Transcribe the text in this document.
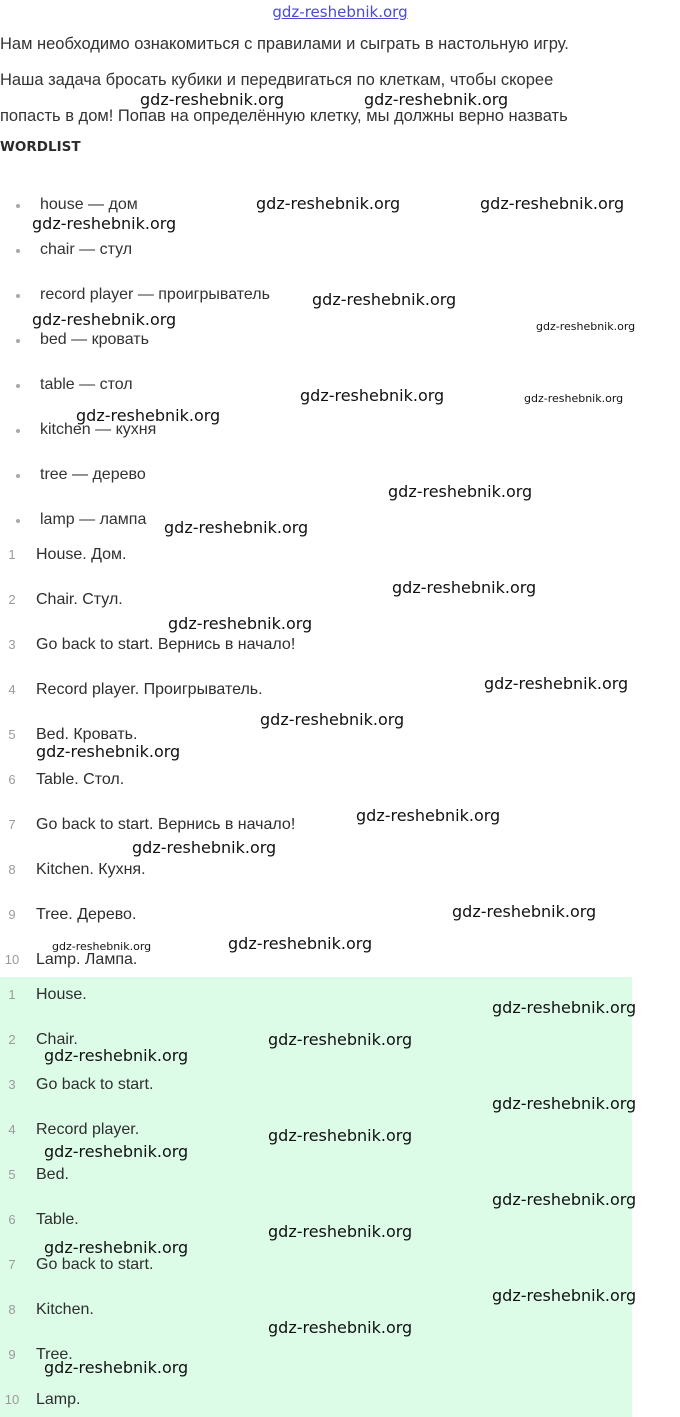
gdz-reshebnik.org

Нам необходимо ознакомиться с правилами и сыграть в настольную игру.

Наша задача бросать кубики и передвигаться по клеткам, чтобы скорее
попасть в дом! Попав на определённую клетку, мы должны верно назвать

WORDLIST
house — дом
chair — стул
record player — проигрыватель
bed — кровать
table — стол
kitchen — кухня
tree — дерево
lamp — лампа
1	House. Дом.
2	Chair. Стул.
3	Go back to start. Вернись в начало!
4	Record player. Проигрыватель.
5	Bed. Кровать.
6	Table. Стол.
7	Go back to start. Вернись в начало!
8	Kitchen. Кухня.
9	Tree. Дерево.
10 Lamp. Лампа.
1	House.
2	Chair.
3	Go back to start.
4	Record player.
5	Bed.
6	Table.
7	Go back to start.
8	Kitchen.
9	Tree.
10 Lamp.
gdz-reshebnik.org	gdz-reshebnik.org
gdz-reshebnik.org	gdz-reshebnik.org
gdz-reshebnik.org
gdz-reshebnik.org
gdz-reshebnik.org	gdz-reshebnik.org
gdz-reshebnik.org	gdz-reshebnik.org
gdz-reshebnik.org
gdz-reshebnik.org
gdz-reshebnik.org
gdz-reshebnik.org
gdz-reshebnik.org
gdz-reshebnik.org
gdz-reshebnik.org
gdz-reshebnik.org
gdz-reshebnik.org
gdz-reshebnik.org
gdz-reshebnik.org
gdz-reshebnik.org
gdz-reshebnik.org
gdz-reshebnik.org
gdz-reshebnik.org
gdz-reshebnik.org
gdz-reshebnik.org
gdz-reshebnik.org
gdz-reshebnik.org
gdz-reshebnik.org
gdz-reshebnik.org
gdz-reshebnik.org
gdz-reshebnik.org
gdz-reshebnik.org
gdz-reshebnik.org
